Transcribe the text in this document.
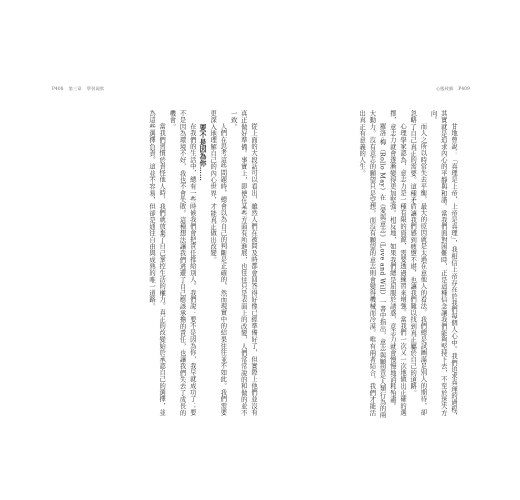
P408 第三章 學習現狀

從上面的大段話可以看出，雖然人們在被問及時都會回答得好像已經準備好了，但實際上他們並沒有真正做好準備。事實上，即使在某些方面有所進展，也往往只是表面上的改變，人們常常說的和做的並不一致。

人們在思考這些問題時，總會以為自己的判斷是正確的，然而現實中的結果往往並不如此。我們需要更深入地理解自己的內心世界，才能真正做出改變。

要不是因為你……

在我們的生活中，總有一些時候我們會把責任推給別人。我們說：要不是因為你，我早就成功了；要不是因為環境不好，我也不會失敗。這種想法讓我們逃避了自己應該承擔的責任，也讓我們失去了成長的機會。

當我們習慣於責怪他人時，我們就放棄了自己掌控生活的權力。真正的改變始於承認自己的選擇，並為這些選擇負責。這並不容易，但卻是通往自由與成熟的唯一道路。

心態致勝 P409

甘地曾說：「真理是上帝，上帝是真理」，我相信上帝存在於我們每個人心中。我們追求真理的過程，其實就是追求內心的平靜與和諧。當我們面對困難時，正是這種信念讓我們能夠堅持下去，不至於迷失方向。

而人之所以時常失去平衡，最大的原因就是太過在意他人的看法。我們總是試圖滿足別人的期待，卻忽略了自己真正的需要。這種矛盾讓我們感到疲憊不堪，也讓我們難以找到真正屬於自己的道路。

心理學家認為，意志力是一種有限的資源，需要透過練習來增強。當我們一次又一次地做出正確的選擇，意志力就會逐漸變得更加堅強。相反地，如果我們總是屈服於誘惑，意志力就會慢慢地消耗殆盡。

羅洛·梅（Rollo May）在《愛與意志》（Love and Will）一書中指出，意志與願望是人類行為的兩大動力。沒有意志的願望只是空想，而沒有願望的意志則會變得機械而冷漠。唯有兩者結合，我們才能活出真正有意義的人生。
